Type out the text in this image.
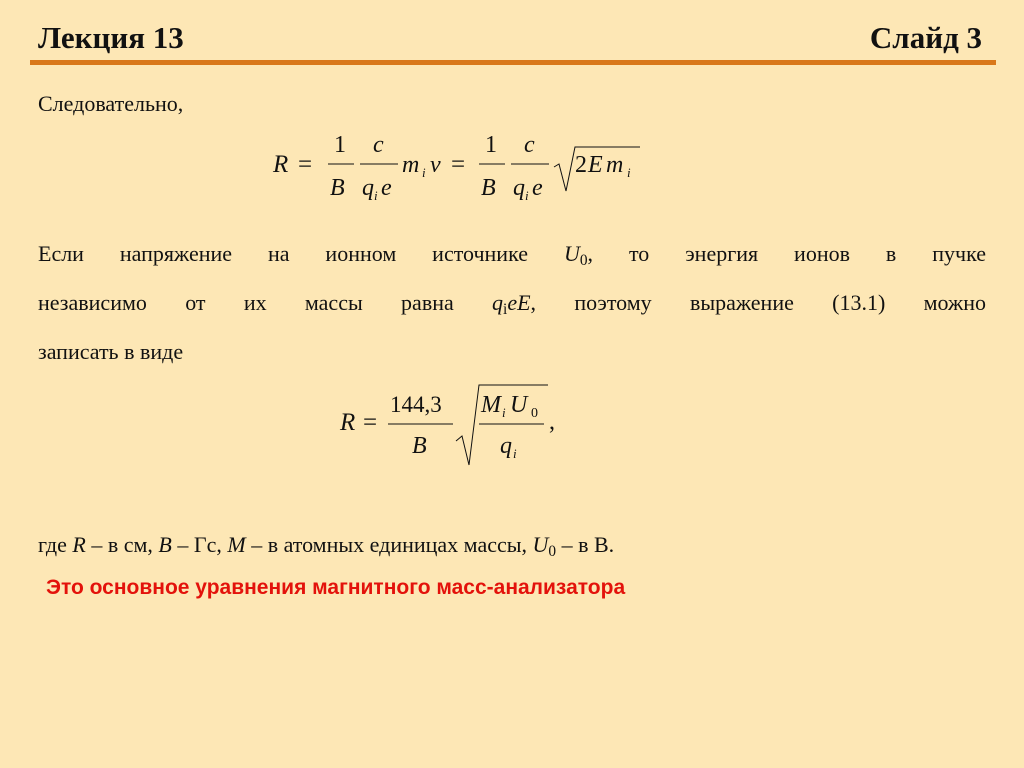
Лекция 13	Слайд 3
Следовательно,
R =
1
B
c
q i e
m i v =
1
B
c
q i e
2 E m i
Если напряжение на ионном источнике $U_0$, то энергия ионов в пучке
независимо от их массы равна $q_ieE$, поэтому выражение (13.1) можно
записать в виде
R =
144,3
B
M i U 0
q i
,
где R – в см, B – Гс, M – в атомных единицах массы, $U_0$ – в В.
Это основное уравнения магнитного масс-анализатора
